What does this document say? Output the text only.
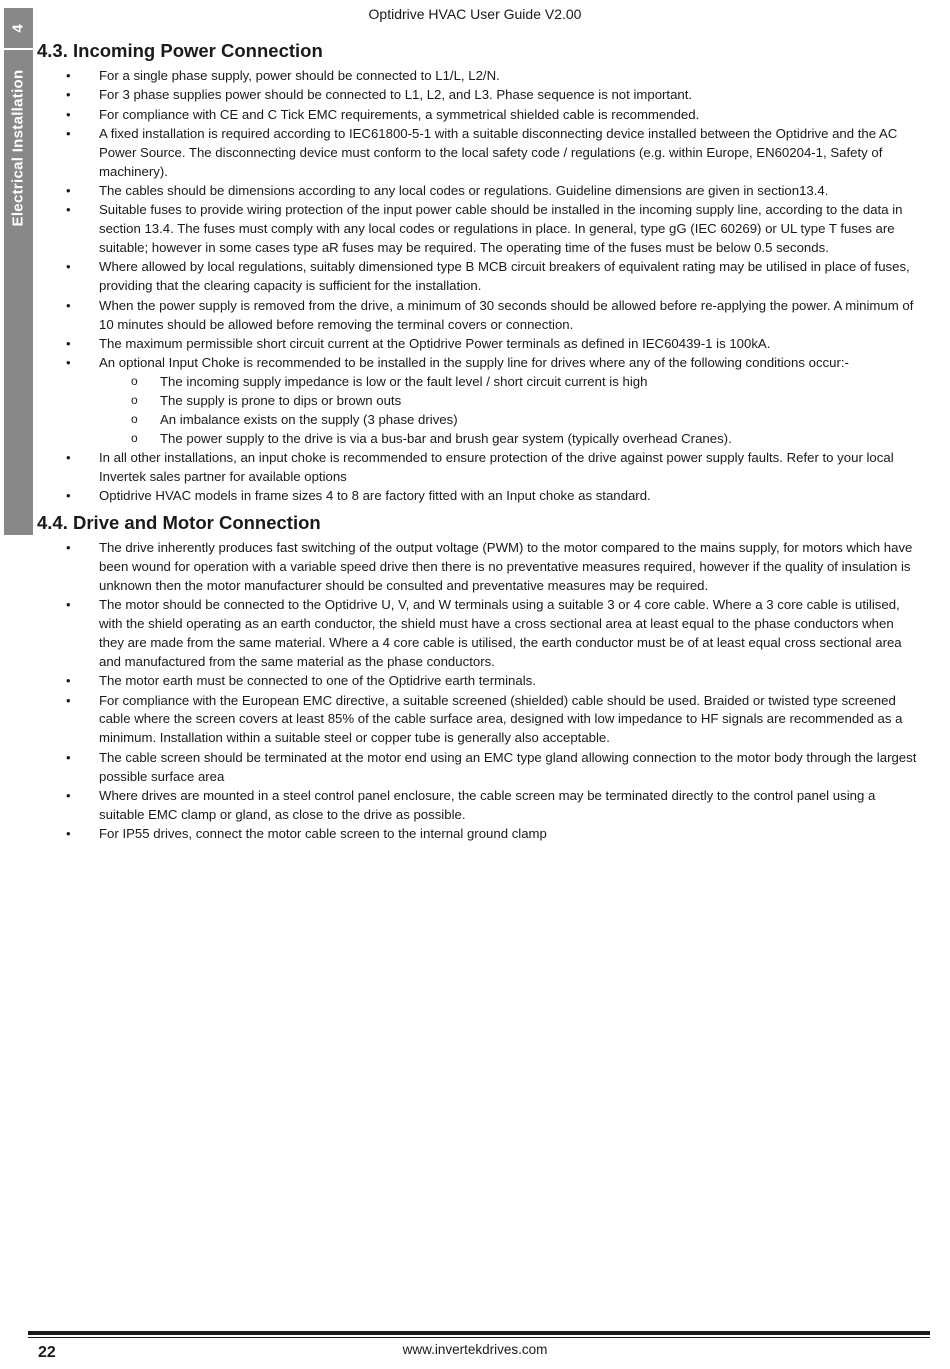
4
Electrical Installation
Optidrive HVAC User Guide V2.00
4.3. Incoming Power Connection
• For a single phase supply, power should be connected to L1/L, L2/N.
• For 3 phase supplies power should be connected to L1, L2, and L3. Phase sequence is not important.
• For compliance with CE and C Tick EMC requirements, a symmetrical shielded cable is recommended.
• A fixed installation is required according to IEC61800-5-1 with a suitable disconnecting device installed between the Optidrive and the AC Power Source. The disconnecting device must conform to the local safety code / regulations (e.g. within Europe, EN60204-1, Safety of machinery).
• The cables should be dimensions according to any local codes or regulations. Guideline dimensions are given in section13.4.
• Suitable fuses to provide wiring protection of the input power cable should be installed in the incoming supply line, according to the data in section 13.4. The fuses must comply with any local codes or regulations in place. In general, type gG (IEC 60269) or UL type T fuses are suitable; however in some cases type aR fuses may be required. The operating time of the fuses must be below 0.5 seconds.
• Where allowed by local regulations, suitably dimensioned type B MCB circuit breakers of equivalent rating may be utilised in place of fuses, providing that the clearing capacity is sufficient for the installation.
• When the power supply is removed from the drive, a minimum of 30 seconds should be allowed before re-applying the power. A minimum of 10 minutes should be allowed before removing the terminal covers or connection.
• The maximum permissible short circuit current at the Optidrive Power terminals as defined in IEC60439-1 is 100kA.
• An optional Input Choke is recommended to be installed in the supply line for drives where any of the following conditions occur:-
o The incoming supply impedance is low or the fault level / short circuit current is high
o The supply is prone to dips or brown outs
o An imbalance exists on the supply (3 phase drives)
o The power supply to the drive is via a bus-bar and brush gear system (typically overhead Cranes).
• In all other installations, an input choke is recommended to ensure protection of the drive against power supply faults. Refer to your local Invertek sales partner for available options
• Optidrive HVAC models in frame sizes 4 to 8 are factory fitted with an Input choke as standard.
4.4. Drive and Motor Connection
• The drive inherently produces fast switching of the output voltage (PWM) to the motor compared to the mains supply, for motors which have been wound for operation with a variable speed drive then there is no preventative measures required, however if the quality of insulation is unknown then the motor manufacturer should be consulted and preventative measures may be required.
• The motor should be connected to the Optidrive U, V, and W terminals using a suitable 3 or 4 core cable. Where a 3 core cable is utilised, with the shield operating as an earth conductor, the shield must have a cross sectional area at least equal to the phase conductors when they are made from the same material. Where a 4 core cable is utilised, the earth conductor must be of at least equal cross sectional area and manufactured from the same material as the phase conductors.
• The motor earth must be connected to one of the Optidrive earth terminals.
• For compliance with the European EMC directive, a suitable screened (shielded) cable should be used. Braided or twisted type screened cable where the screen covers at least 85% of the cable surface area, designed with low impedance to HF signals are recommended as a minimum. Installation within a suitable steel or copper tube is generally also acceptable.
• The cable screen should be terminated at the motor end using an EMC type gland allowing connection to the motor body through the largest possible surface area
• Where drives are mounted in a steel control panel enclosure, the cable screen may be terminated directly to the control panel using a suitable EMC clamp or gland, as close to the drive as possible.
• For IP55 drives, connect the motor cable screen to the internal ground clamp
22	www.invertekdrives.com
